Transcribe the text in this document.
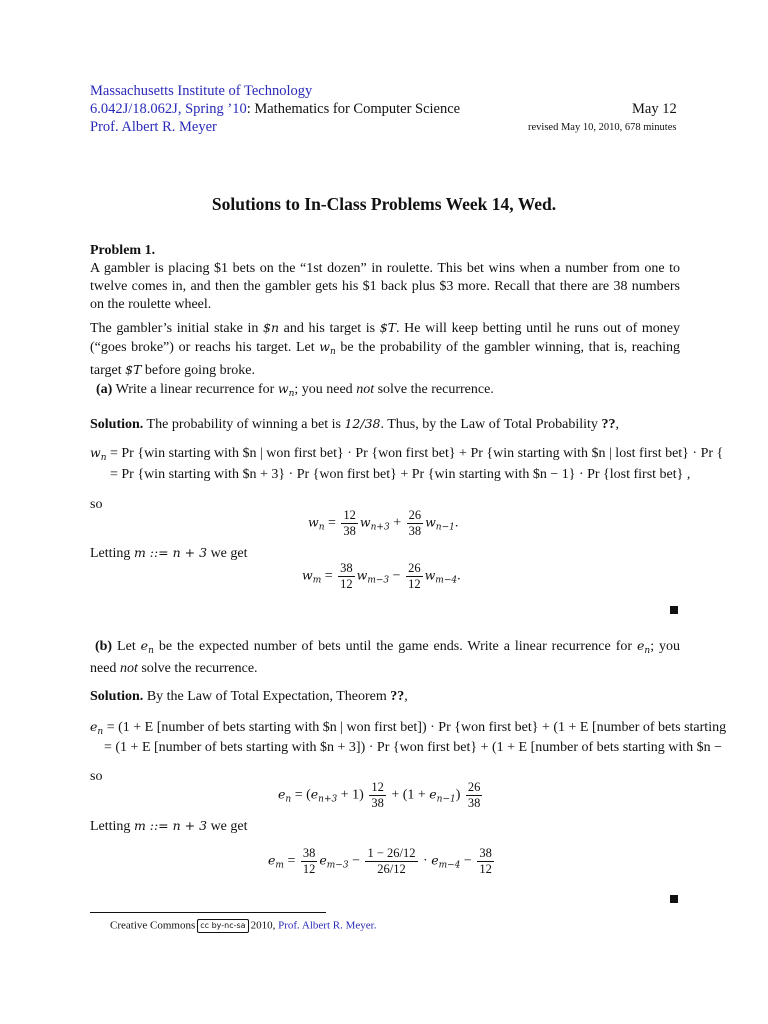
Massachusetts Institute of Technology
6.042J/18.062J, Spring ’10: Mathematics for Computer Science	May 12
Prof. Albert R. Meyer	revised May 10, 2010, 678 minutes
Solutions to In-Class Problems Week 14, Wed.

Problem 1.

A gambler is placing $1 bets on the “1st dozen” in roulette. This bet wins when a number from one to twelve comes in, and then the gambler gets his $1 back plus $3 more. Recall that there are 38 numbers on the roulette wheel.

The gambler’s initial stake in $n and his target is $T. He will keep betting until he runs out of money (“goes broke”) or reachs his target. Let $w_n$ be the probability of the gambler winning, that is, reaching target $T before going broke.

(a) Write a linear recurrence for $w_n$; you need not solve the recurrence.
Solution. The probability of winning a bet is 12/38. Thus, by the Law of Total Probability ??,
$w_n = Pr$ {win starting with $n | won first bet} · Pr {won first bet} + Pr {win starting with $n | lost first bet} · Pr {
= Pr {win starting with $n + 3} · Pr {won first bet} + Pr {win starting with $n − 1} · Pr {lost first bet} ,
so
$w_n = \frac{12}{38} w_{n+3} + \frac{26}{38} w_{n-1}$.
Letting m ::= n + 3 we get
$w_m = \frac{38}{12} w_{m-3} - \frac{26}{12} w_{m-4}$.

(b) Let $e_n$ be the expected number of bets until the game ends. Write a linear recurrence for $e_n$; you need not solve the recurrence.

Solution. By the Law of Total Expectation, Theorem ??,
$e_n = (1 + E$ [number of bets starting with $n | won first bet]) · Pr {won first bet} + (1 + E [number of bets starting
= (1 + E [number of bets starting with $n + 3]) · Pr {won first bet} + (1 + E [number of bets starting with $n −
so
$e_n = (e_{n+3} + 1) \frac{12}{38} + (1 + e_{n-1}) \frac{26}{38}$
Letting m ::= n + 3 we get
$e_m = \frac{38}{12} e_{m-3} - \frac{1 - 26/12}{26/12} \cdot e_{m-4} - \frac{38}{12}$
Creative Commons cc by-nc-sa 2010, Prof. Albert R. Meyer.
